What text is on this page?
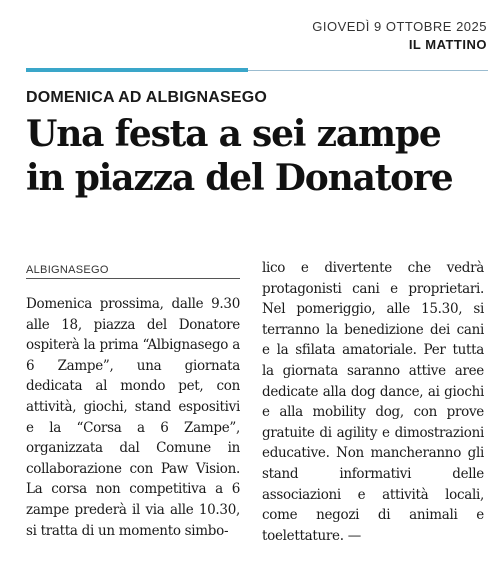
GIOVEDÌ 9 OTTOBRE 2025
IL MATTINO
DOMENICA AD ALBIGNASEGO
Una festa a sei zampe in piazza del Donatore
ALBIGNASEGO

Domenica prossima, dalle 9.30 alle 18, piazza del Donatore ospiterà la prima “Albignasego a 6 Zampe”, una giornata dedicata al mondo pet, con attività, giochi, stand espositivi e la “Corsa a 6 Zampe”, organizzata dal Comune in collaborazione con Paw Vision. La corsa non competitiva a 6 zampe prederà il via alle 10.30, si tratta di un momento simbo-

lico e divertente che vedrà protagonisti cani e proprietari. Nel pomeriggio, alle 15.30, si terranno la benedizione dei cani e la sfilata amatoriale. Per tutta la giornata saranno attive aree dedicate alla dog dance, ai giochi e alla mobility dog, con prove gratuite di agility e dimostrazioni educative. Non mancheranno gli stand informativi delle associazioni e attività locali, come negozi di animali e toelettature. —
